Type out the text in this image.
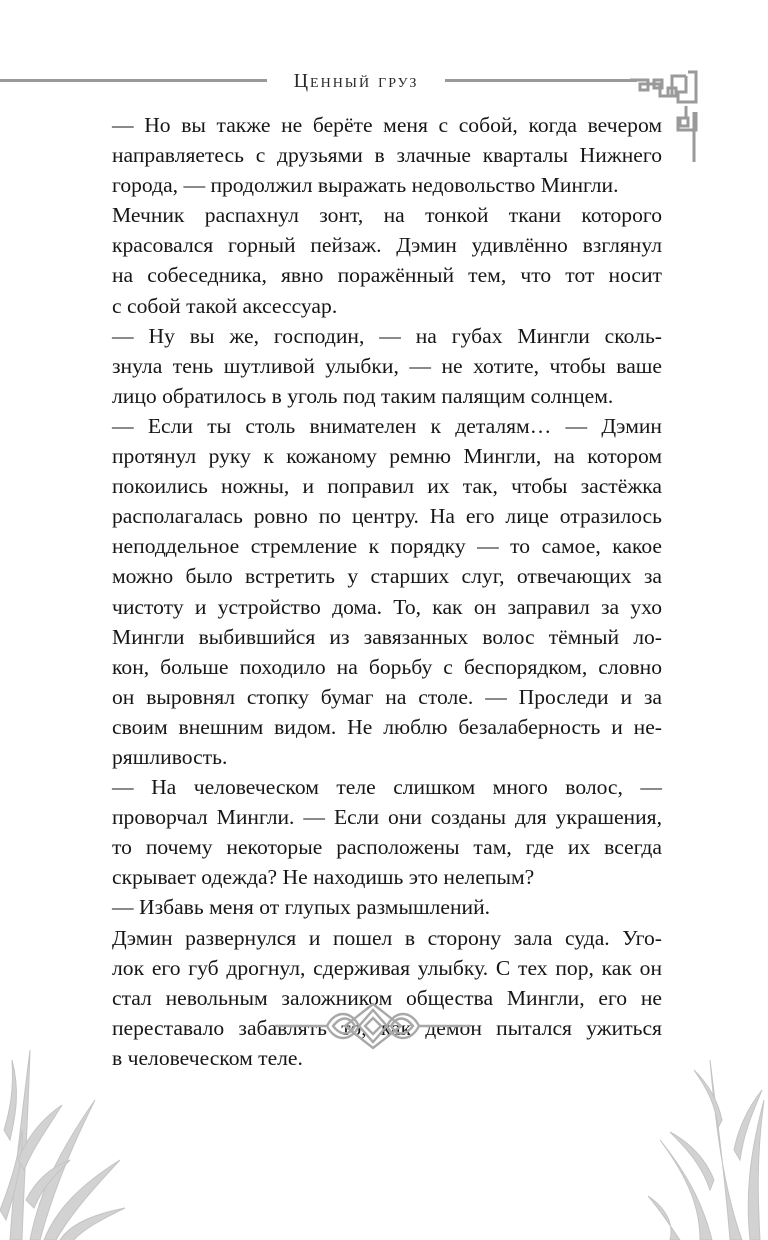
Ценный груз
— Но вы также не берёте меня с собой, когда вечером
направляетесь с друзьями в злачные кварталы Нижнего
города, — продолжил выражать недовольство Мингли.
Мечник распахнул зонт, на тонкой ткани которого
красовался горный пейзаж. Дэмин удивлённо взглянул
на собеседника, явно поражённый тем, что тот носит
с собой такой аксессуар.
— Ну вы же, господин, — на губах Мингли сколь-
знула тень шутливой улыбки, — не хотите, чтобы ваше
лицо обратилось в уголь под таким палящим солнцем.
— Если ты столь внимателен к деталям… — Дэмин
протянул руку к кожаному ремню Мингли, на котором
покоились ножны, и поправил их так, чтобы застёжка
располагалась ровно по центру. На его лице отразилось
неподдельное стремление к порядку — то самое, какое
можно было встретить у старших слуг, отвечающих за
чистоту и устройство дома. То, как он заправил за ухо
Мингли выбившийся из завязанных волос тёмный ло-
кон, больше походило на борьбу с беспорядком, словно
он выровнял стопку бумаг на столе. — Проследи и за
своим внешним видом. Не люблю безалаберность и не-
ряшливость.
— На человеческом теле слишком много волос, —
проворчал Мингли. — Если они созданы для украшения,
то почему некоторые расположены там, где их всегда
скрывает одежда? Не находишь это нелепым?
— Избавь меня от глупых размышлений.
Дэмин развернулся и пошел в сторону зала суда. Уго-
лок его губ дрогнул, сдерживая улыбку. С тех пор, как он
стал невольным заложником общества Мингли, его не
переставало забавлять то, как демон пытался ужиться
в человеческом теле.
